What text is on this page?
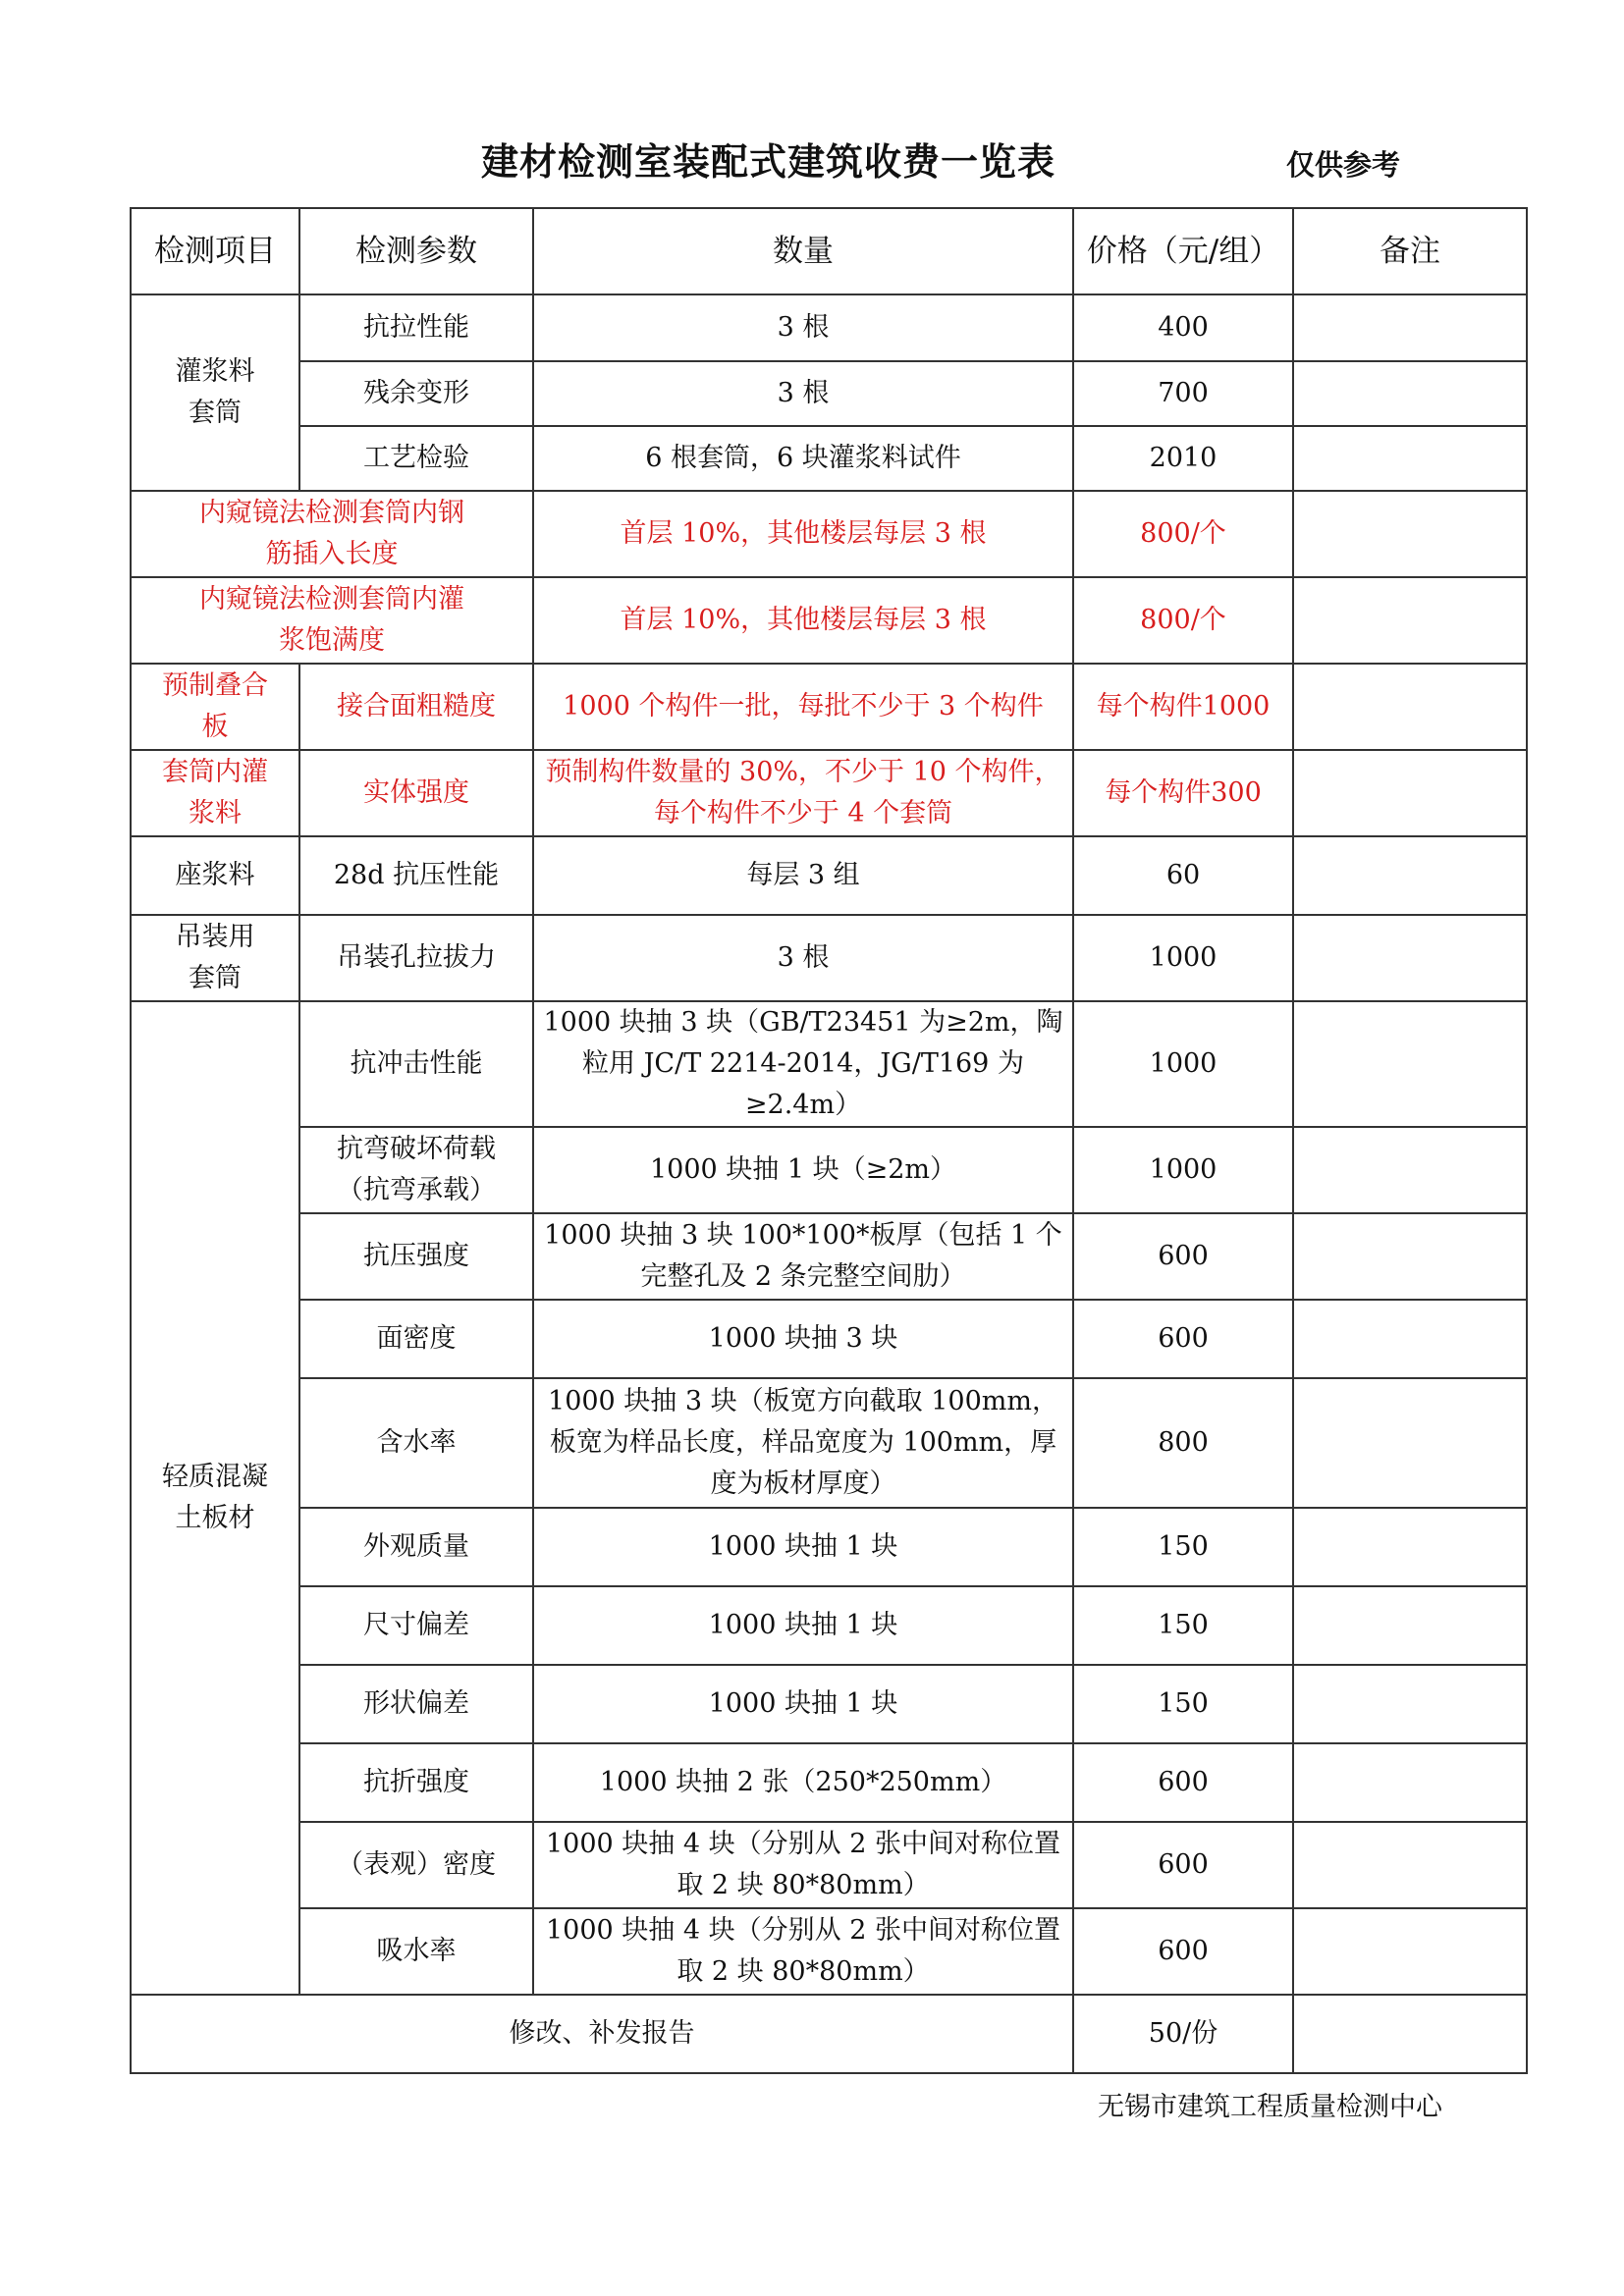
建材检测室装配式建筑收费一览表	仅供参考
检测项目	检测参数	数量	价格（元/组）	备注

灌浆料套筒	抗拉性能	3 根	400	
	残余变形	3 根	700	
	工艺检验	6 根套筒，6 块灌浆料试件	2010	

内窥镜法检测套筒内钢筋插入长度		首层 10%，其他楼层每层 3 根	800/个	

内窥镜法检测套筒内灌浆饱满度		首层 10%，其他楼层每层 3 根	800/个	

预制叠合板	接合面粗糙度	1000 个构件一批，每批不少于 3 个构件	每个构件1000	

套筒内灌浆料	实体强度	预制构件数量的 30%，不少于 10 个构件，每个构件不少于 4 个套筒	每个构件300	
座浆料	28d 抗压性能	每层 3 组	60	

吊装用套筒	吊装孔拉拔力	3 根	1000	

轻质混凝土板材	抗冲击性能	1000 块抽 3 块（GB/T23451 为≥2m，陶粒用 JC/T 2214-2014，JG/T169 为≥2.4m）	1000	

	抗弯破坏荷载（抗弯承载）	1000 块抽 1 块（≥2m）	1000	
	抗压强度	1000 块抽 3 块 100*100*板厚（包括 1 个完整孔及 2 条完整空间肋）	600	
	面密度	1000 块抽 3 块	600	
	含水率	1000 块抽 3 块（板宽方向截取 100mm，板宽为样品长度，样品宽度为 100mm，厚度为板材厚度）	800	
	外观质量	1000 块抽 1 块	150	
	尺寸偏差	1000 块抽 1 块	150	
	形状偏差	1000 块抽 1 块	150	
	抗折强度	1000 块抽 2 张（250*250mm）	600	
	（表观）密度	1000 块抽 4 块（分别从 2 张中间对称位置取 2 块 80*80mm）	600	
	吸水率	1000 块抽 4 块（分别从 2 张中间对称位置取 2 块 80*80mm）	600	
修改、补发报告			50/份	
无锡市建筑工程质量检测中心
